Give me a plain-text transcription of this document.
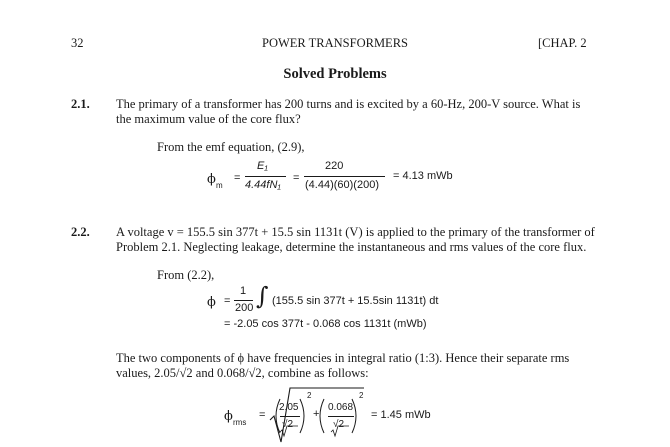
32	POWER TRANSFORMERS	[CHAP. 2
Solved Problems
2.1. The primary of a transformer has 200 turns and is excited by a 60-Hz, 200-V source. What is the maximum value of the core flux?
From the emf equation, (2.9),
ϕ m
=
E₁
4.44fN₁
=
220
(4.44)(60)(200)
= 4.13 mWb
2.2. A voltage v = 155.5 sin 377t + 15.5 sin 1131t (V) is applied to the primary of the transformer of Problem 2.1. Neglecting leakage, determine the instantaneous and rms values of the core flux.
From (2.2),
ϕ =
1
200 ∫ (155.5 sin 377t + 15.5sin 1131t) dt
= -2.05 cos 377t - 0.068 cos 1131t (mWb)
The two components of ϕ have frequencies in integral ratio (1:3). Hence their separate rms values, 2.05/√2 and 0.068/√2, combine as follows:
ϕ rms
=
2.05
√2
2
+
0.068
√2
2
= 1.45 mWb
